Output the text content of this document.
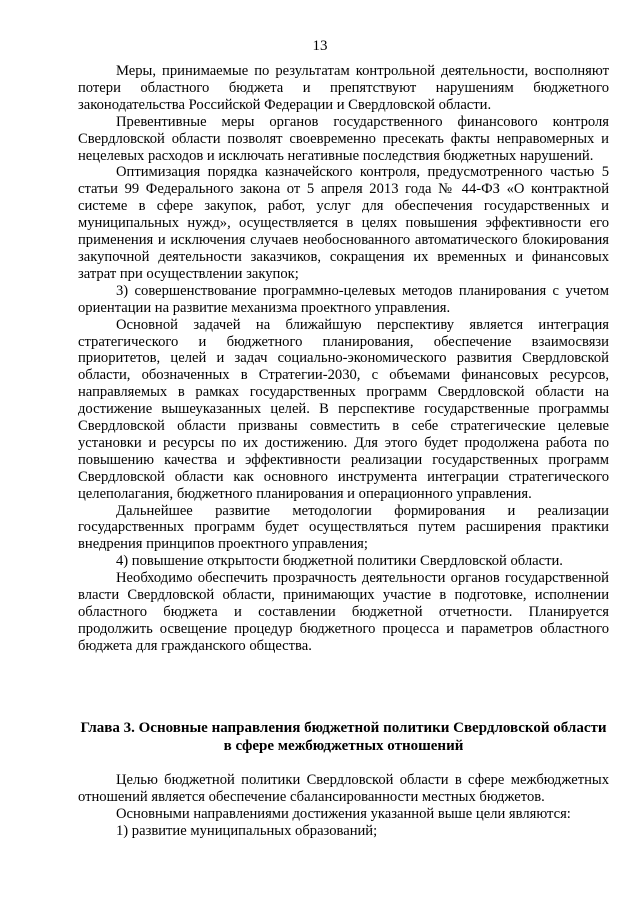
13

Меры, принимаемые по результатам контрольной деятельности, восполняют потери областного бюджета и препятствуют нарушениям бюджетного законодательства Российской Федерации и Свердловской области.

Превентивные меры органов государственного финансового контроля Свердловской области позволят своевременно пресекать факты неправомерных и нецелевых расходов и исключать негативные последствия бюджетных нарушений.

Оптимизация порядка казначейского контроля, предусмотренного частью 5 статьи 99 Федерального закона от 5 апреля 2013 года № 44-ФЗ «О контрактной системе в сфере закупок, работ, услуг для обеспечения государственных и муниципальных нужд», осуществляется в целях повышения эффективности его применения и исключения случаев необоснованного автоматического блокирования закупочной деятельности заказчиков, сокращения их временных и финансовых затрат при осуществлении закупок;

3) совершенствование программно-целевых методов планирования с учетом ориентации на развитие механизма проектного управления.

Основной задачей на ближайшую перспективу является интеграция стратегического и бюджетного планирования, обеспечение взаимосвязи приоритетов, целей и задач социально-экономического развития Свердловской области, обозначенных в Стратегии-2030, с объемами финансовых ресурсов, направляемых в рамках государственных программ Свердловской области на достижение вышеуказанных целей. В перспективе государственные программы Свердловской области призваны совместить в себе стратегические целевые установки и ресурсы по их достижению. Для этого будет продолжена работа по повышению качества и эффективности реализации государственных программ Свердловской области как основного инструмента интеграции стратегического целеполагания, бюджетного планирования и операционного управления.

Дальнейшее развитие методологии формирования и реализации государственных программ будет осуществляться путем расширения практики внедрения принципов проектного управления;

4) повышение открытости бюджетной политики Свердловской области.

Необходимо обеспечить прозрачность деятельности органов государственной власти Свердловской области, принимающих участие в подготовке, исполнении областного бюджета и составлении бюджетной отчетности. Планируется продолжить освещение процедур бюджетного процесса и параметров областного бюджета для гражданского общества.

Глава 3. Основные направления бюджетной политики Свердловской области
в сфере межбюджетных отношений

Целью бюджетной политики Свердловской области в сфере межбюджетных отношений является обеспечение сбалансированности местных бюджетов.

Основными направлениями достижения указанной выше цели являются:

1) развитие муниципальных образований;
